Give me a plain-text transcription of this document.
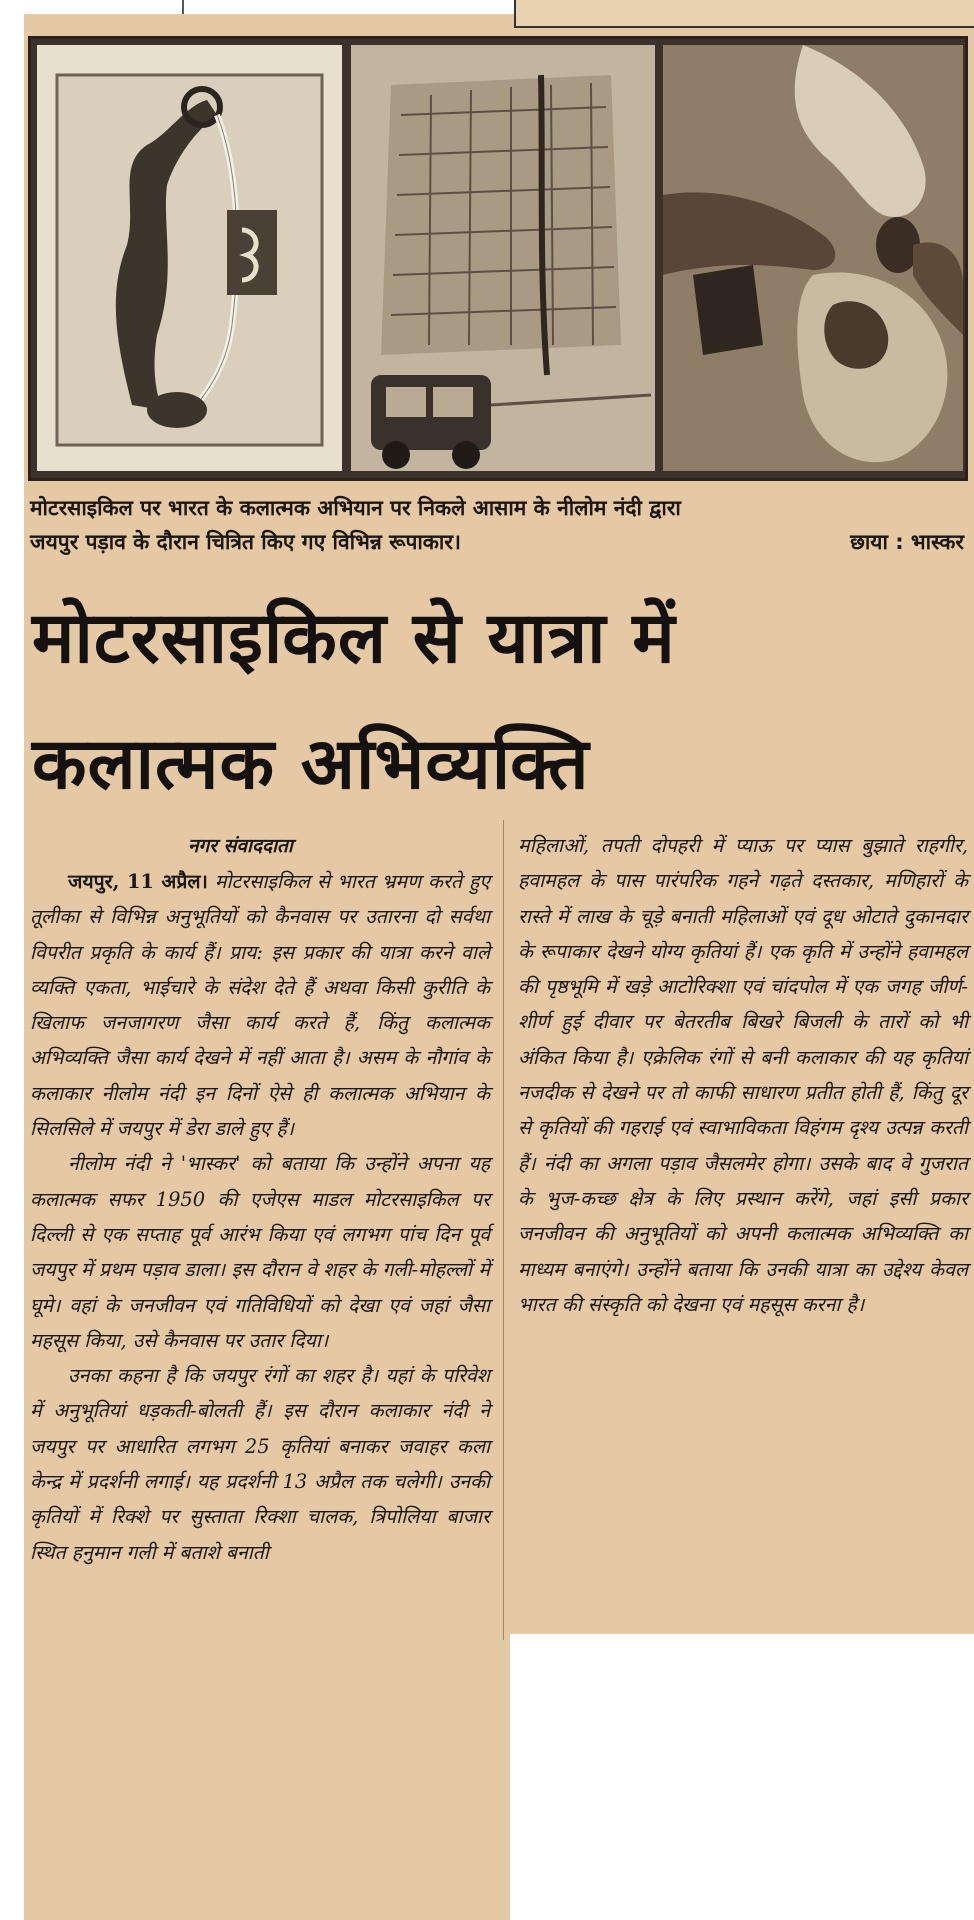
मोटरसाइकिल पर भारत के कलात्मक अभियान पर निकले आसाम के नीलोम नंदी द्वारा
जयपुर पड़ाव के दौरान चित्रित किए गए विभिन्न रूपाकार।	छाया : भास्कर
मोटरसाइकिल से यात्रा में
कलात्मक अभिव्यक्ति
नगर संवाददाता

जयपुर, 11 अप्रैल। मोटरसाइकिल से भारत भ्रमण करते हुए तूलीका से विभिन्न अनुभूतियों को कैनवास पर उतारना दो सर्वथा विपरीत प्रकृति के कार्य हैं। प्राय: इस प्रकार की यात्रा करने वाले व्यक्ति एकता, भाईचारे के संदेश देते हैं अथवा किसी कुरीति के खिलाफ जनजागरण जैसा कार्य करते हैं, किंतु कलात्मक अभिव्यक्ति जैसा कार्य देखने में नहीं आता है। असम के नौगांव के कलाकार नीलोम नंदी इन दिनों ऐसे ही कलात्मक अभियान के सिलसिले में जयपुर में डेरा डाले हुए हैं।

नीलोम नंदी ने 'भास्कर' को बताया कि उन्होंने अपना यह कलात्मक सफर 1950 की एजेएस माडल मोटरसाइकिल पर दिल्ली से एक सप्ताह पूर्व आरंभ किया एवं लगभग पांच दिन पूर्व जयपुर में प्रथम पड़ाव डाला। इस दौरान वे शहर के गली-मोहल्लों में घूमे। वहां के जनजीवन एवं गतिविधियों को देखा एवं जहां जैसा महसूस किया, उसे कैनवास पर उतार दिया।

उनका कहना है कि जयपुर रंगों का शहर है। यहां के परिवेश में अनुभूतियां धड़कती-बोलती हैं। इस दौरान कलाकार नंदी ने जयपुर पर आधारित लगभग 25 कृतियां बनाकर जवाहर कला केन्द्र में प्रदर्शनी लगाई। यह प्रदर्शनी 13 अप्रैल तक चलेगी। उनकी कृतियों में रिक्शे पर सुस्ताता रिक्शा चालक, त्रिपोलिया बाजार स्थित हनुमान गली में बताशे बनाती

महिलाओं, तपती दोपहरी में प्याऊ पर प्यास बुझाते राहगीर, हवामहल के पास पारंपरिक गहने गढ़ते दस्तकार, मणिहारों के रास्ते में लाख के चूड़े बनाती महिलाओं एवं दूध ओटाते दुकानदार के रूपाकार देखने योग्य कृतियां हैं। एक कृति में उन्होंने हवामहल की पृष्ठभूमि में खड़े आटोरिक्शा एवं चांदपोल में एक जगह जीर्ण-शीर्ण हुई दीवार पर बेतरतीब बिखरे बिजली के तारों को भी अंकित किया है। एक्रेलिक रंगों से बनी कलाकार की यह कृतियां नजदीक से देखने पर तो काफी साधारण प्रतीत होती हैं, किंतु दूर से कृतियों की गहराई एवं स्वाभाविकता विहंगम दृश्य उत्पन्न करती हैं। नंदी का अगला पड़ाव जैसलमेर होगा। उसके बाद वे गुजरात के भुज-कच्छ क्षेत्र के लिए प्रस्थान करेंगे, जहां इसी प्रकार जनजीवन की अनुभूतियों को अपनी कलात्मक अभिव्यक्ति का माध्यम बनाएंगे। उन्होंने बताया कि उनकी यात्रा का उद्देश्य केवल भारत की संस्कृति को देखना एवं महसूस करना है।
